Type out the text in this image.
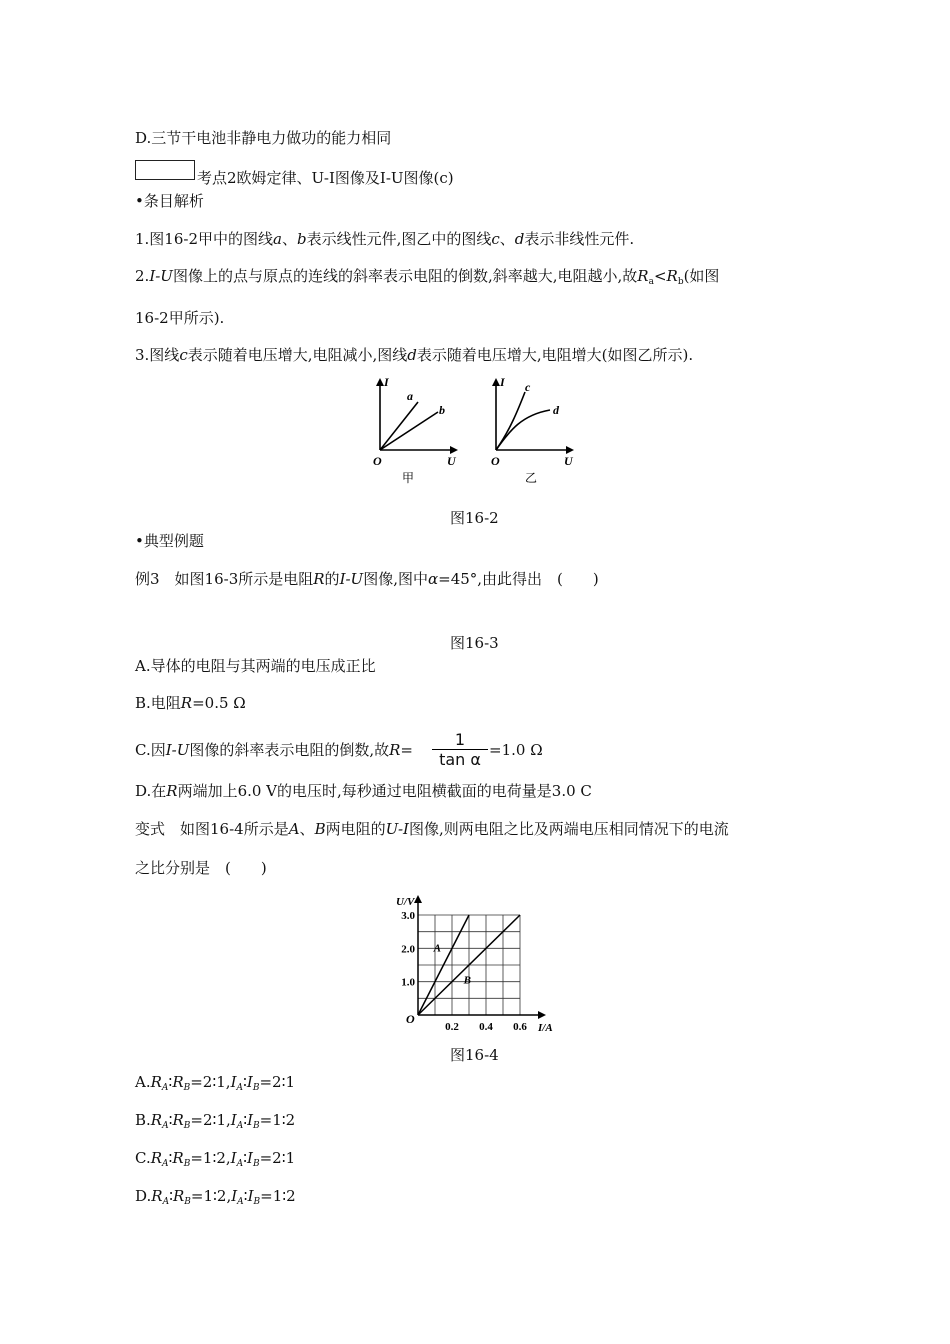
D.三节干电池非静电力做功的能力相同
考点2欧姆定律、U-I图像及I-U图像(c)
•条目解析
1.图16-2甲中的图线a、b表示线性元件,图乙中的图线c、d表示非线性元件.
2.I-U图像上的点与原点的连线的斜率表示电阻的倒数,斜率越大,电阻越小,故$R_a<R_b$(如图
16-2甲所示).
3.图线c表示随着电压增大,电阻减小,图线d表示随着电压增大,电阻增大(如图乙所示).
I
a
b
O	U
I c
d
O	U
甲	乙
图16-2
•典型例题
例3　如图16-3所示是电阻R的I-U图像,图中α=45°,由此得出　(　　)
图16-3
A.导体的电阻与其两端的电压成正比
B.电阻R=0.5 Ω
C.因I-U图像的斜率表示电阻的倒数,故R=
1
tan α =1.0 Ω
D.在R两端加上6.0 V的电压时,每秒通过电阻横截面的电荷量是3.0 C
变式　如图16-4所示是A、B两电阻的U-I图像,则两电阻之比及两端电压相同情况下的电流
之比分别是　(　　)
A
B
1.0
2.0
3.0
0.2 0.4 0.6
O
U/V
I/A
图16-4
$A.R_A∶R_B=2∶1,I_A∶I_B=2∶1$
$B.R_A∶R_B=2∶1,I_A∶I_B=1∶2$
$C.R_A∶R_B=1∶2,I_A∶I_B=2∶1$
$D.R_A∶R_B=1∶2,I_A∶I_B=1∶2$
